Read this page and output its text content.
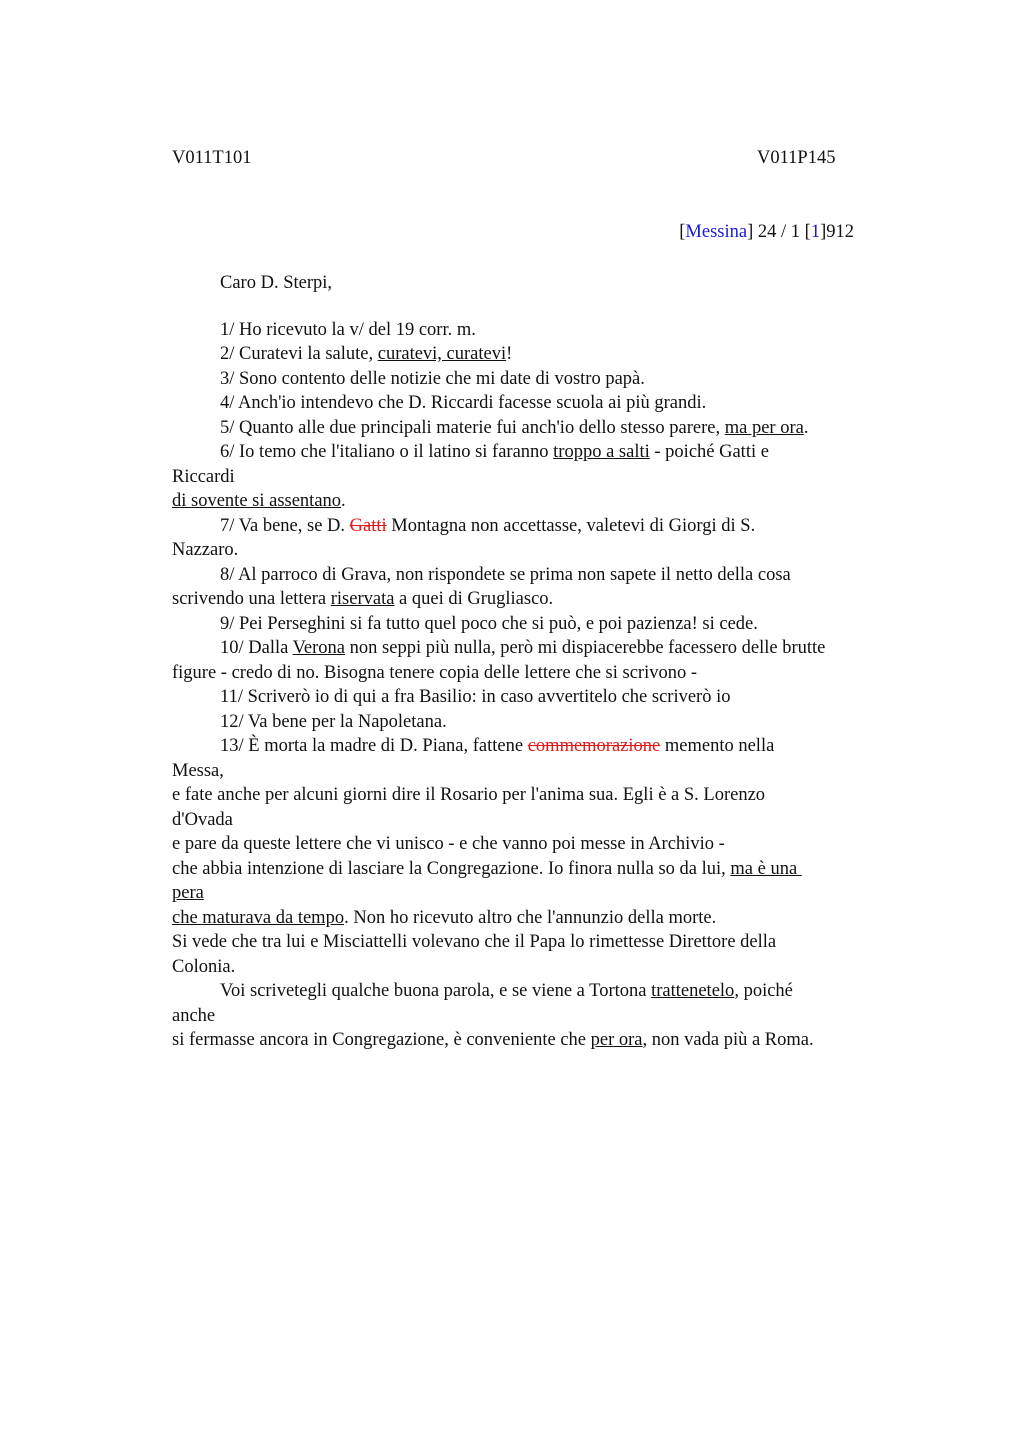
V011T101	V011P145
[Messina] 24 / 1 [1]912
Caro D. Sterpi,
1/ Ho ricevuto la v/ del 19 corr. m.
2/ Curatevi la salute, curatevi, curatevi!
3/ Sono contento delle notizie che mi date di vostro papà.
4/ Anch'io intendevo che D. Riccardi facesse scuola ai più grandi.
5/ Quanto alle due principali materie fui anch'io dello stesso parere, ma per ora.
6/ Io temo che l'italiano o il latino si faranno troppo a salti - poiché Gatti e
Riccardi
di sovente si assentano.
7/ Va bene, se D. Gatti Montagna non accettasse, valetevi di Giorgi di S.
Nazzaro.
8/ Al parroco di Grava, non rispondete se prima non sapete il netto della cosa
scrivendo una lettera riservata a quei di Grugliasco.
9/ Pei Perseghini si fa tutto quel poco che si può, e poi pazienza! si cede.
10/ Dalla Verona non seppi più nulla, però mi dispiacerebbe facessero delle brutte
figure - credo di no. Bisogna tenere copia delle lettere che si scrivono -
11/ Scriverò io di qui a fra Basilio: in caso avvertitelo che scriverò io
12/ Va bene per la Napoletana.
13/ È morta la madre di D. Piana, fattene commemorazione memento nella
Messa,
e fate anche per alcuni giorni dire il Rosario per l'anima sua. Egli è a S. Lorenzo
d'Ovada
e pare da queste lettere che vi unisco - e che vanno poi messe in Archivio -
che abbia intenzione di lasciare la Congregazione. Io finora nulla so da lui, ma è una
pera
che maturava da tempo. Non ho ricevuto altro che l'annunzio della morte.
Si vede che tra lui e Misciattelli volevano che il Papa lo rimettesse Direttore della
Colonia.
Voi scrivetegli qualche buona parola, e se viene a Tortona trattenetelo, poiché
anche
si fermasse ancora in Congregazione, è conveniente che per ora, non vada più a Roma.
